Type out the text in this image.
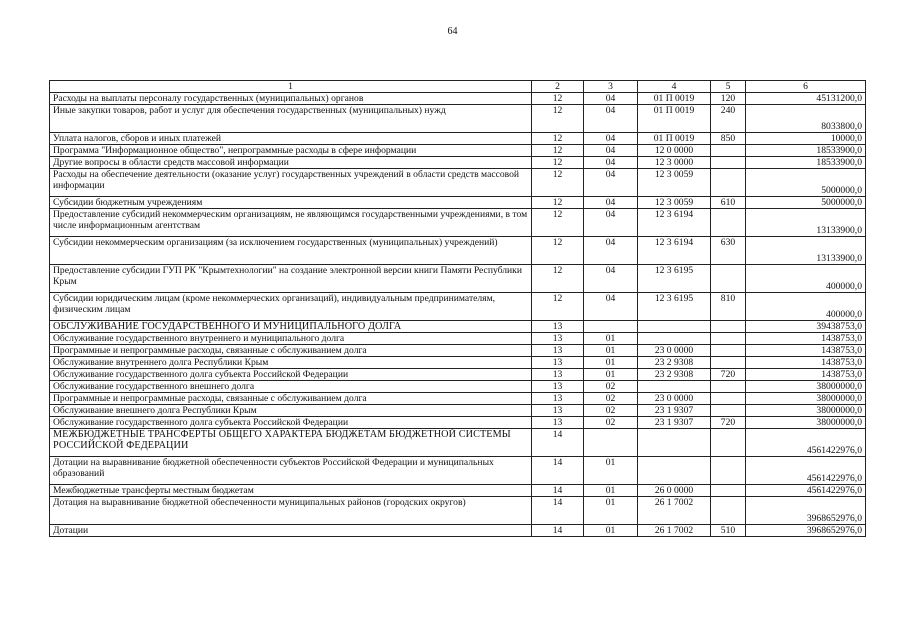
64
1	2	3	4	5	6
Расходы на выплаты персоналу государственных (муниципальных) органов	12	04	01 П 0019	120	45131200,0
Иные закупки товаров, работ и услуг для обеспечения государственных (муниципальных) нужд	12	04	01 П 0019	240	8033800,0
Уплата налогов, сборов и иных платежей	12	04	01 П 0019	850	10000,0
Программа "Информационное общество", непрограммные расходы в сфере информации	12	04	12 0 0000		18533900,0
Другие вопросы в области средств массовой информации	12	04	12 3 0000		18533900,0
Расходы на обеспечение деятельности (оказание услуг) государственных учреждений в области средств массовой информации	12	04	12 3 0059		5000000,0
Субсидии бюджетным учреждениям	12	04	12 3 0059	610	5000000,0
Предоставление субсидий некоммерческим организациям, не являющимся государственными учреждениями, в том числе информационным агентствам	12	04	12 3 6194		13133900,0
Субсидии некоммерческим организациям (за исключением государственных (муниципальных) учреждений)	12	04	12 3 6194	630	13133900,0
Предоставление субсидии ГУП РК "Крымтехнологии" на создание электронной версии книги Памяти Республики Крым	12	04	12 3 6195		400000,0
Субсидии юридическим лицам (кроме некоммерческих организаций), индивидуальным предпринимателям, физическим лицам	12	04	12 3 6195	810	400000,0
ОБСЛУЖИВАНИЕ ГОСУДАРСТВЕННОГО И МУНИЦИПАЛЬНОГО ДОЛГА	13				39438753,0
Обслуживание государственного внутреннего и муниципального долга	13	01			1438753,0
Программные и непрограммные расходы, связанные с обслуживанием долга	13	01	23 0 0000		1438753,0
Обслуживание внутреннего долга Республики Крым	13	01	23 2 9308		1438753,0
Обслуживание государственного долга субъекта Российской Федерации	13	01	23 2 9308	720	1438753,0
Обслуживание государственного внешнего долга	13	02			38000000,0
Программные и непрограммные расходы, связанные с обслуживанием долга	13	02	23 0 0000		38000000,0
Обслуживание внешнего долга Республики Крым	13	02	23 1 9307		38000000,0
Обслуживание государственного долга субъекта Российской Федерации	13	02	23 1 9307	720	38000000,0
МЕЖБЮДЖЕТНЫЕ ТРАНСФЕРТЫ ОБЩЕГО ХАРАКТЕРА БЮДЖЕТАМ БЮДЖЕТНОЙ СИСТЕМЫ РОССИЙСКОЙ ФЕДЕРАЦИИ	14				4561422976,0
Дотации на выравнивание бюджетной обеспеченности субъектов Российской Федерации и муниципальных образований	14	01			4561422976,0
Межбюджетные трансферты местным бюджетам	14	01	26 0 0000		4561422976,0
Дотация на выравнивание бюджетной обеспеченности муниципальных районов (городских округов)	14	01	26 1 7002		3968652976,0
Дотации	14	01	26 1 7002	510	3968652976,0
